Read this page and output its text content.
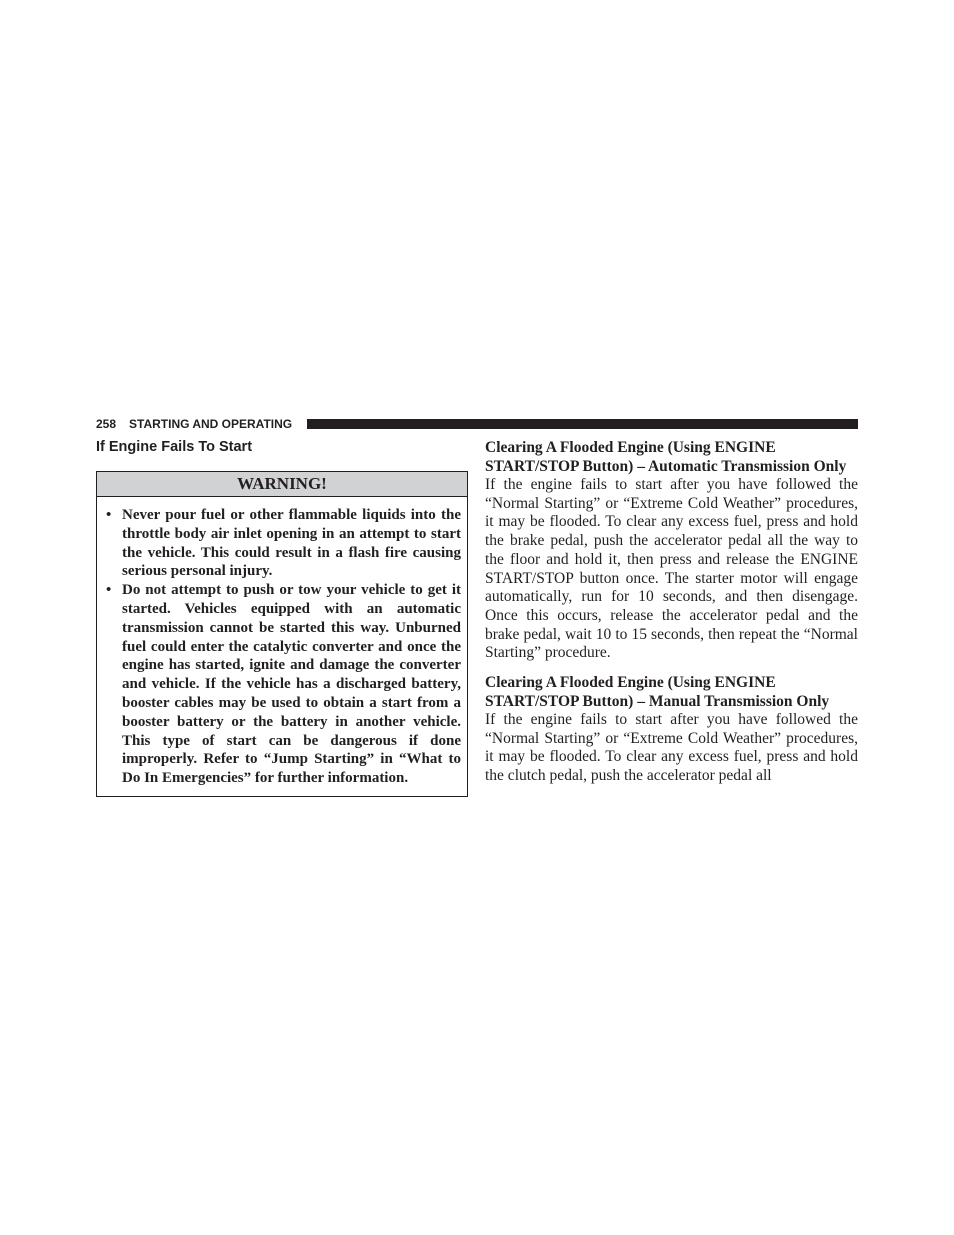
258 STARTING AND OPERATING
If Engine Fails To Start
WARNING!
• Never pour fuel or other flammable liquids into the throttle body air inlet opening in an attempt to start the vehicle. This could result in a flash fire causing serious personal injury.
• Do not attempt to push or tow your vehicle to get it started. Vehicles equipped with an automatic transmission cannot be started this way. Unburned fuel could enter the catalytic converter and once the engine has started, ignite and damage the converter and vehicle. If the vehicle has a discharged battery, booster cables may be used to obtain a start from a booster battery or the battery in another vehicle. This type of start can be dangerous if done improperly. Refer to “Jump Starting” in “What to Do In Emergencies” for further information.
Clearing A Flooded Engine (Using ENGINE START/STOP Button) – Automatic Transmission Only

If the engine fails to start after you have followed the “Normal Starting” or “Extreme Cold Weather” procedures, it may be flooded. To clear any excess fuel, press and hold the brake pedal, push the accelerator pedal all the way to the floor and hold it, then press and release the ENGINE START/STOP button once. The starter motor will engage automatically, run for 10 seconds, and then disengage. Once this occurs, release the accelerator pedal and the brake pedal, wait 10 to 15 seconds, then repeat the “Normal Starting” procedure.

Clearing A Flooded Engine (Using ENGINE START/STOP Button) – Manual Transmission Only

If the engine fails to start after you have followed the “Normal Starting” or “Extreme Cold Weather” procedures, it may be flooded. To clear any excess fuel, press and hold the clutch pedal, push the accelerator pedal all
